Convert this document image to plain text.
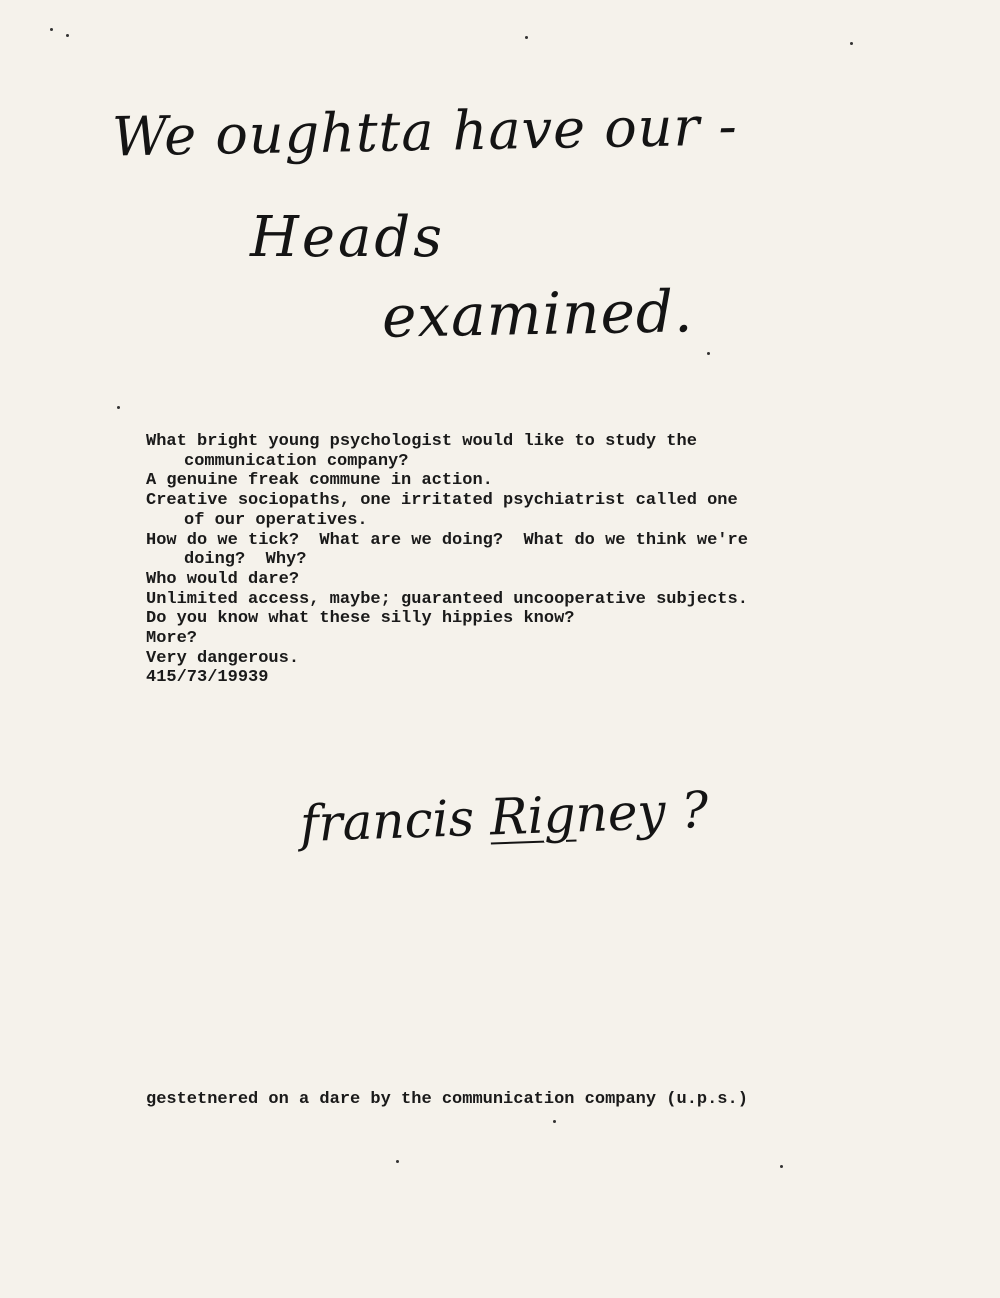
We oughtta have our -
Heads
examined.
What bright young psychologist would like to study the
communication company?
A genuine freak commune in action.
Creative sociopaths, one irritated psychiatrist called one
of our operatives.
How do we tick?  What are we doing?  What do we think we're
doing?  Why?
Who would dare?
Unlimited access, maybe; guaranteed uncooperative subjects.
Do you know what these silly hippies know?
More?
Very dangerous.
415/73/19939
francis Rigney ?
gestetnered on a dare by the communication company (u.p.s.)
